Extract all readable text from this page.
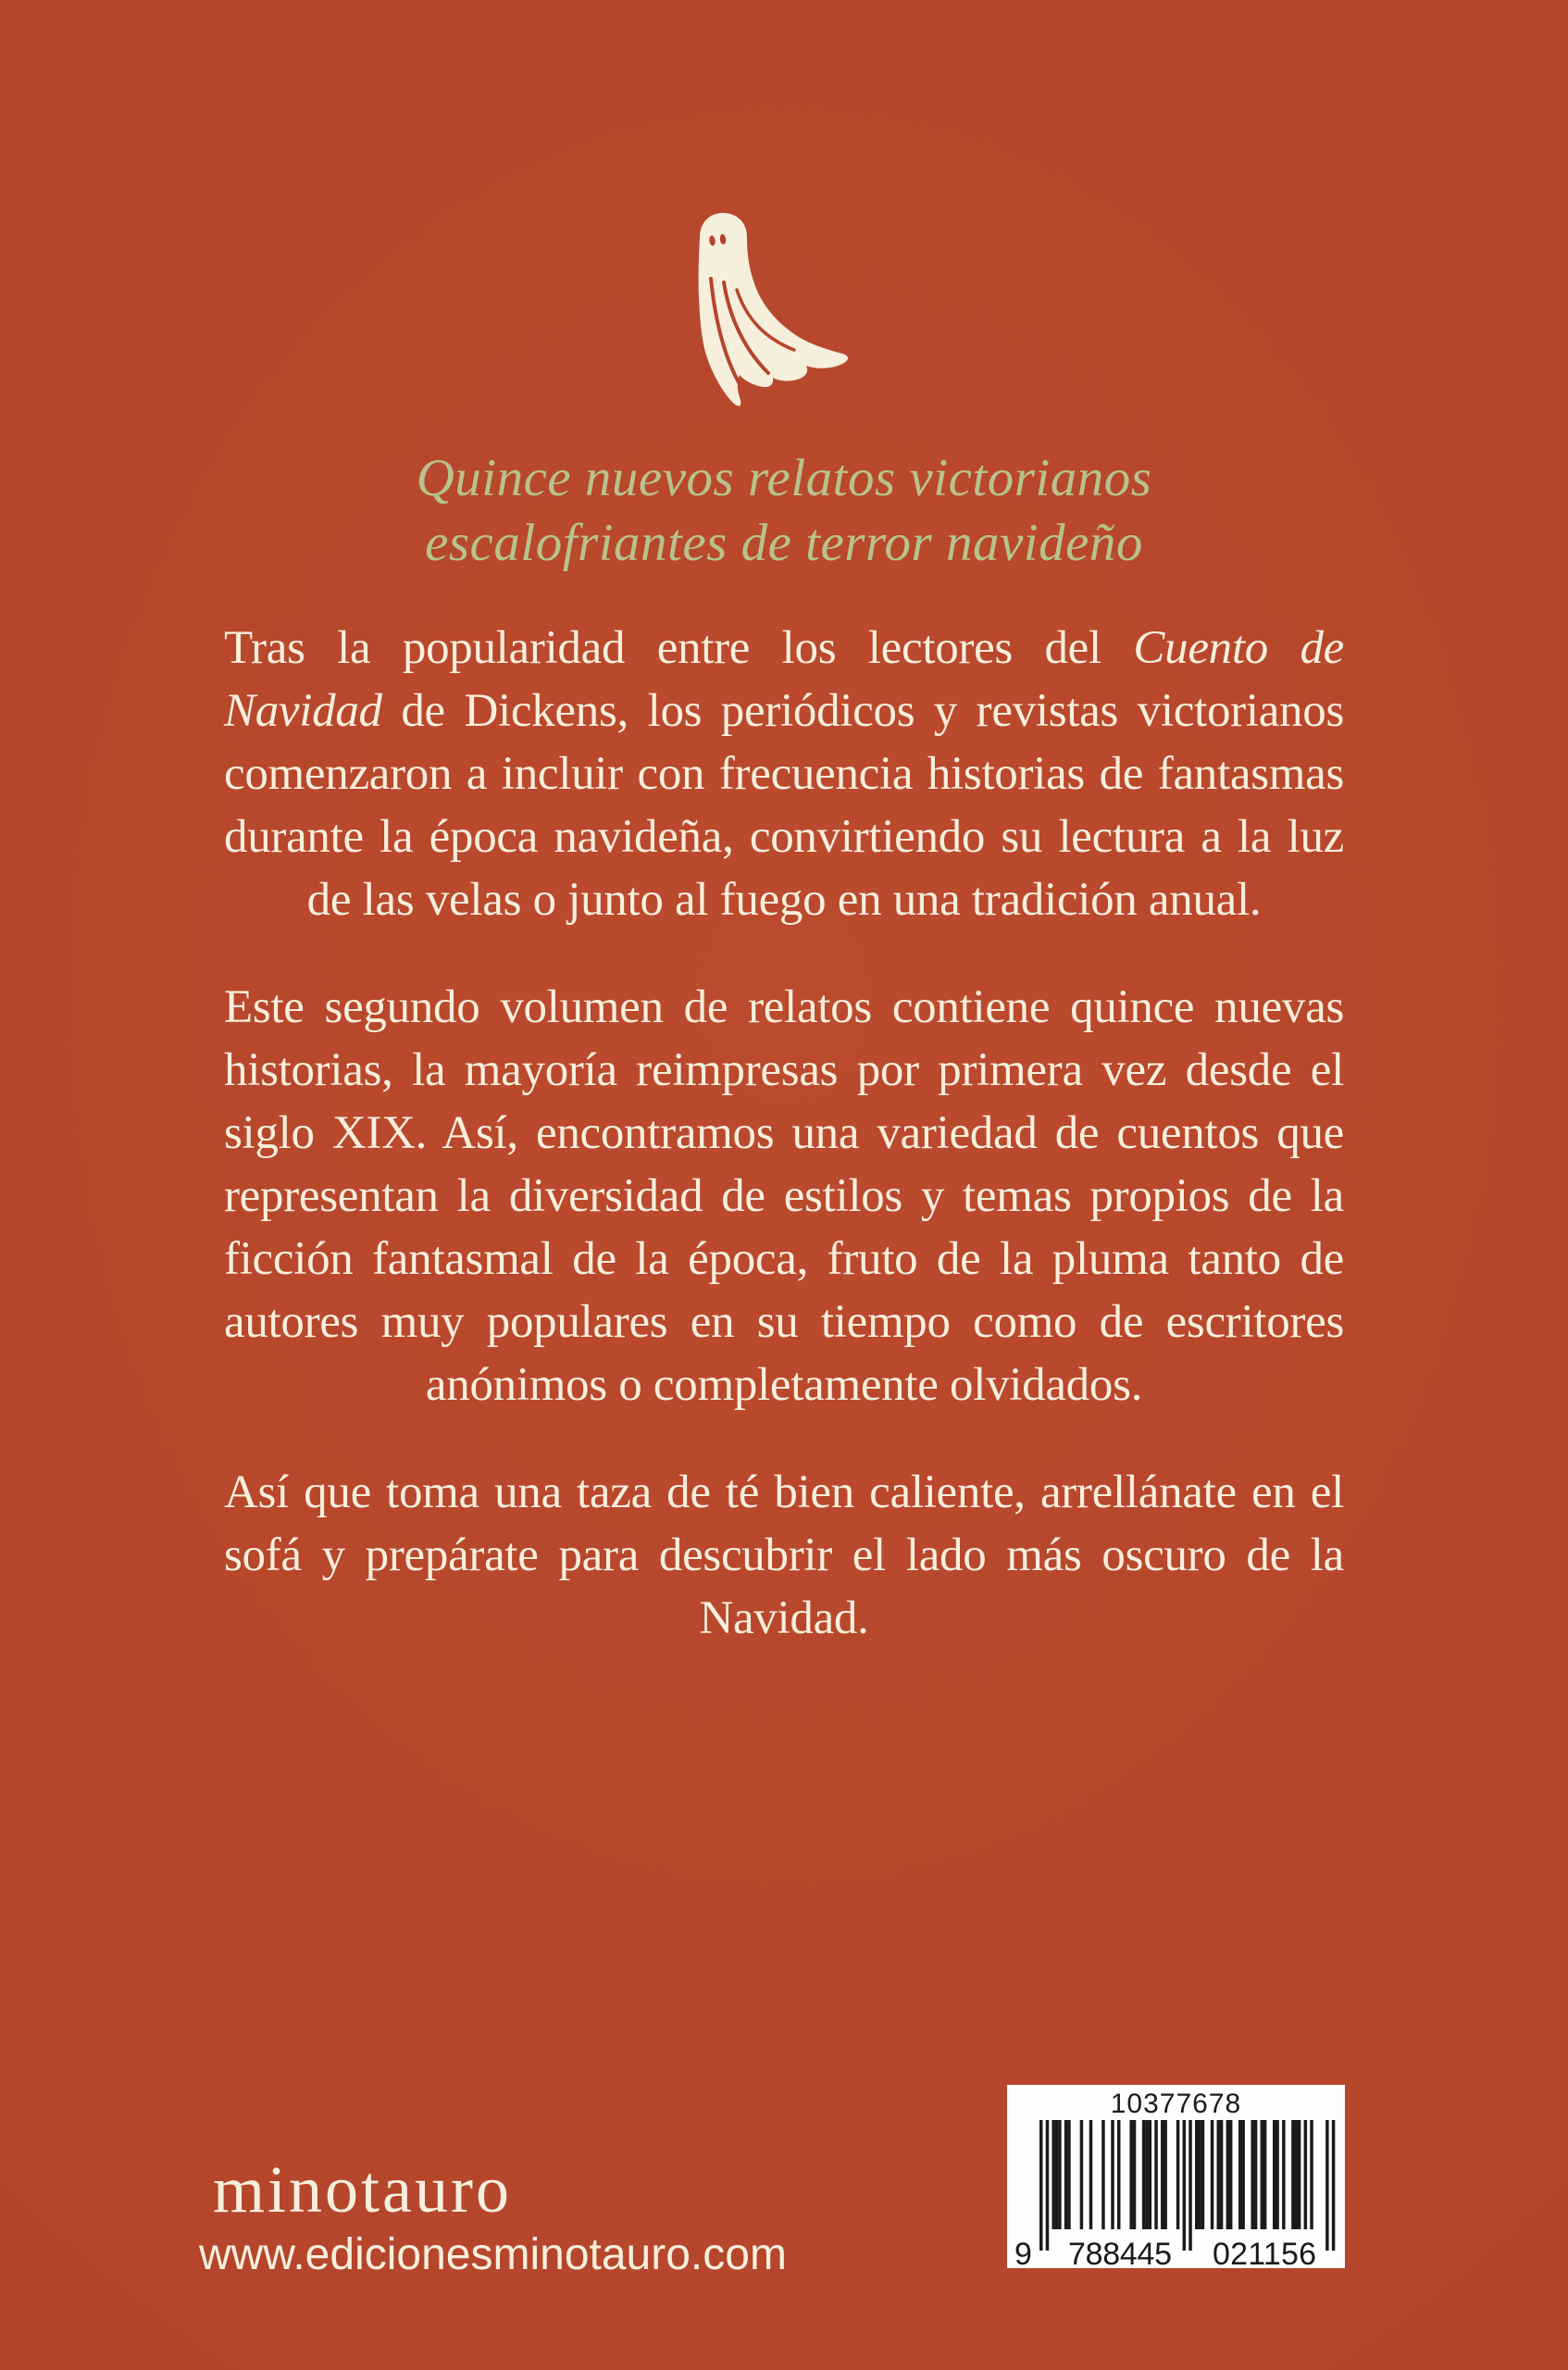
Quince nuevos relatos victorianos
escalofriantes de terror navideño

Tras la popularidad entre los lectores del Cuento de Navidad de Dickens, los periódicos y revistas victorianos comenzaron a incluir con frecuencia historias de fantasmas durante la época navideña, convirtiendo su lectura a la luz de las velas o junto al fuego en una tradición anual.

Este segundo volumen de relatos contiene quince nuevas historias, la mayoría reimpresas por primera vez desde el siglo XIX. Así, encontramos una variedad de cuentos que representan la diversidad de estilos y temas propios de la ficción fantasmal de la época, fruto de la pluma tanto de autores muy populares en su tiempo como de escritores anónimos o completamente olvidados.

Así que toma una taza de té bien caliente, arrellánate en el sofá y prepárate para descubrir el lado más oscuro de la Navidad.

minotauro
www.edicionesminotauro.com
10377678
9 788445 021156
